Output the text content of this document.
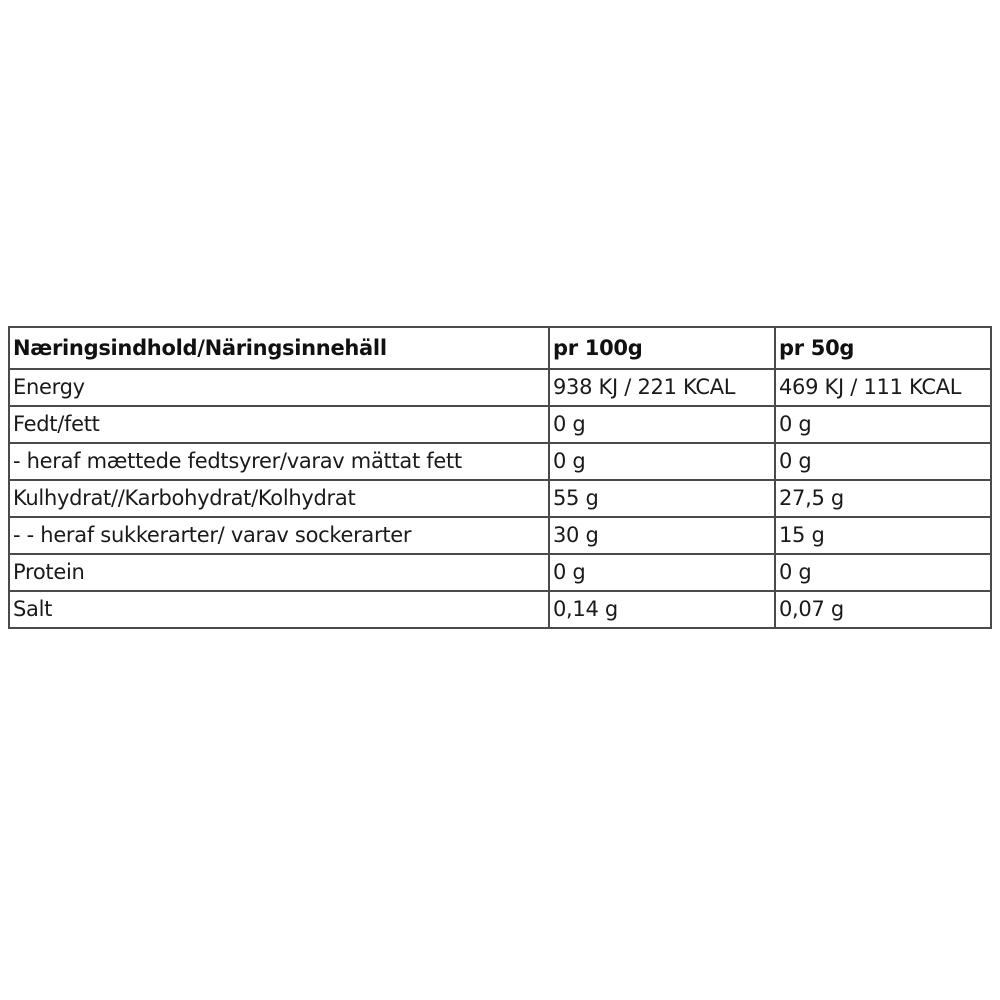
Næringsindhold/Näringsinnehäll	pr 100g	pr 50g
Energy	938 KJ / 221 KCAL	469 KJ / 111 KCAL
Fedt/fett	0 g	0 g
- heraf mættede fedtsyrer/varav mättat fett	0 g	0 g
Kulhydrat//Karbohydrat/Kolhydrat	55 g	27,5 g
- - heraf sukkerarter/ varav sockerarter	30 g	15 g
Protein	0 g	0 g
Salt	0,14 g	0,07 g
